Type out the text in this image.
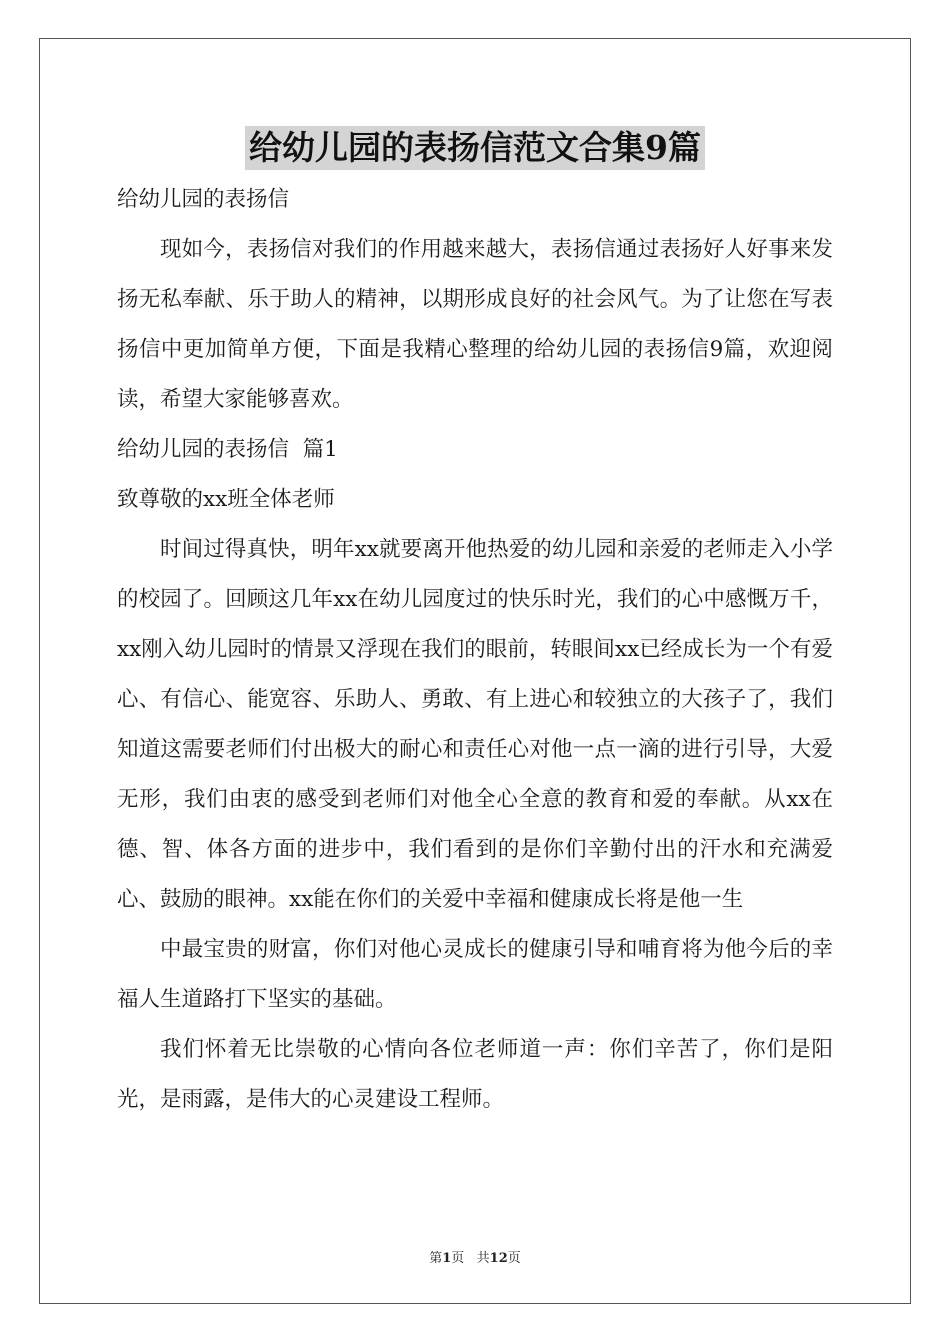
给幼儿园的表扬信范文合集9篇

给幼儿园的表扬信

现如今，表扬信对我们的作用越来越大，表扬信通过表扬好人好事来发扬无私奉献、乐于助人的精神，以期形成良好的社会风气。为了让您在写表扬信中更加简单方便，下面是我精心整理的给幼儿园的表扬信9篇，欢迎阅读，希望大家能够喜欢。

给幼儿园的表扬信  篇1

致尊敬的xx班全体老师

时间过得真快，明年xx就要离开他热爱的幼儿园和亲爱的老师走入小学的校园了。回顾这几年xx在幼儿园度过的快乐时光，我们的心中感慨万千，xx刚入幼儿园时的情景又浮现在我们的眼前，转眼间xx已经成长为一个有爱心、有信心、能宽容、乐助人、勇敢、有上进心和较独立的大孩子了，我们知道这需要老师们付出极大的耐心和责任心对他一点一滴的进行引导，大爱无形，我们由衷的感受到老师们对他全心全意的教育和爱的奉献。从xx在德、智、体各方面的进步中，我们看到的是你们辛勤付出的汗水和充满爱心、鼓励的眼神。xx能在你们的关爱中幸福和健康成长将是他一生

中最宝贵的财富，你们对他心灵成长的健康引导和哺育将为他今后的幸福人生道路打下坚实的基础。

我们怀着无比崇敬的心情向各位老师道一声：你们辛苦了，你们是阳光，是雨露，是伟大的心灵建设工程师。

第1页   共12页
